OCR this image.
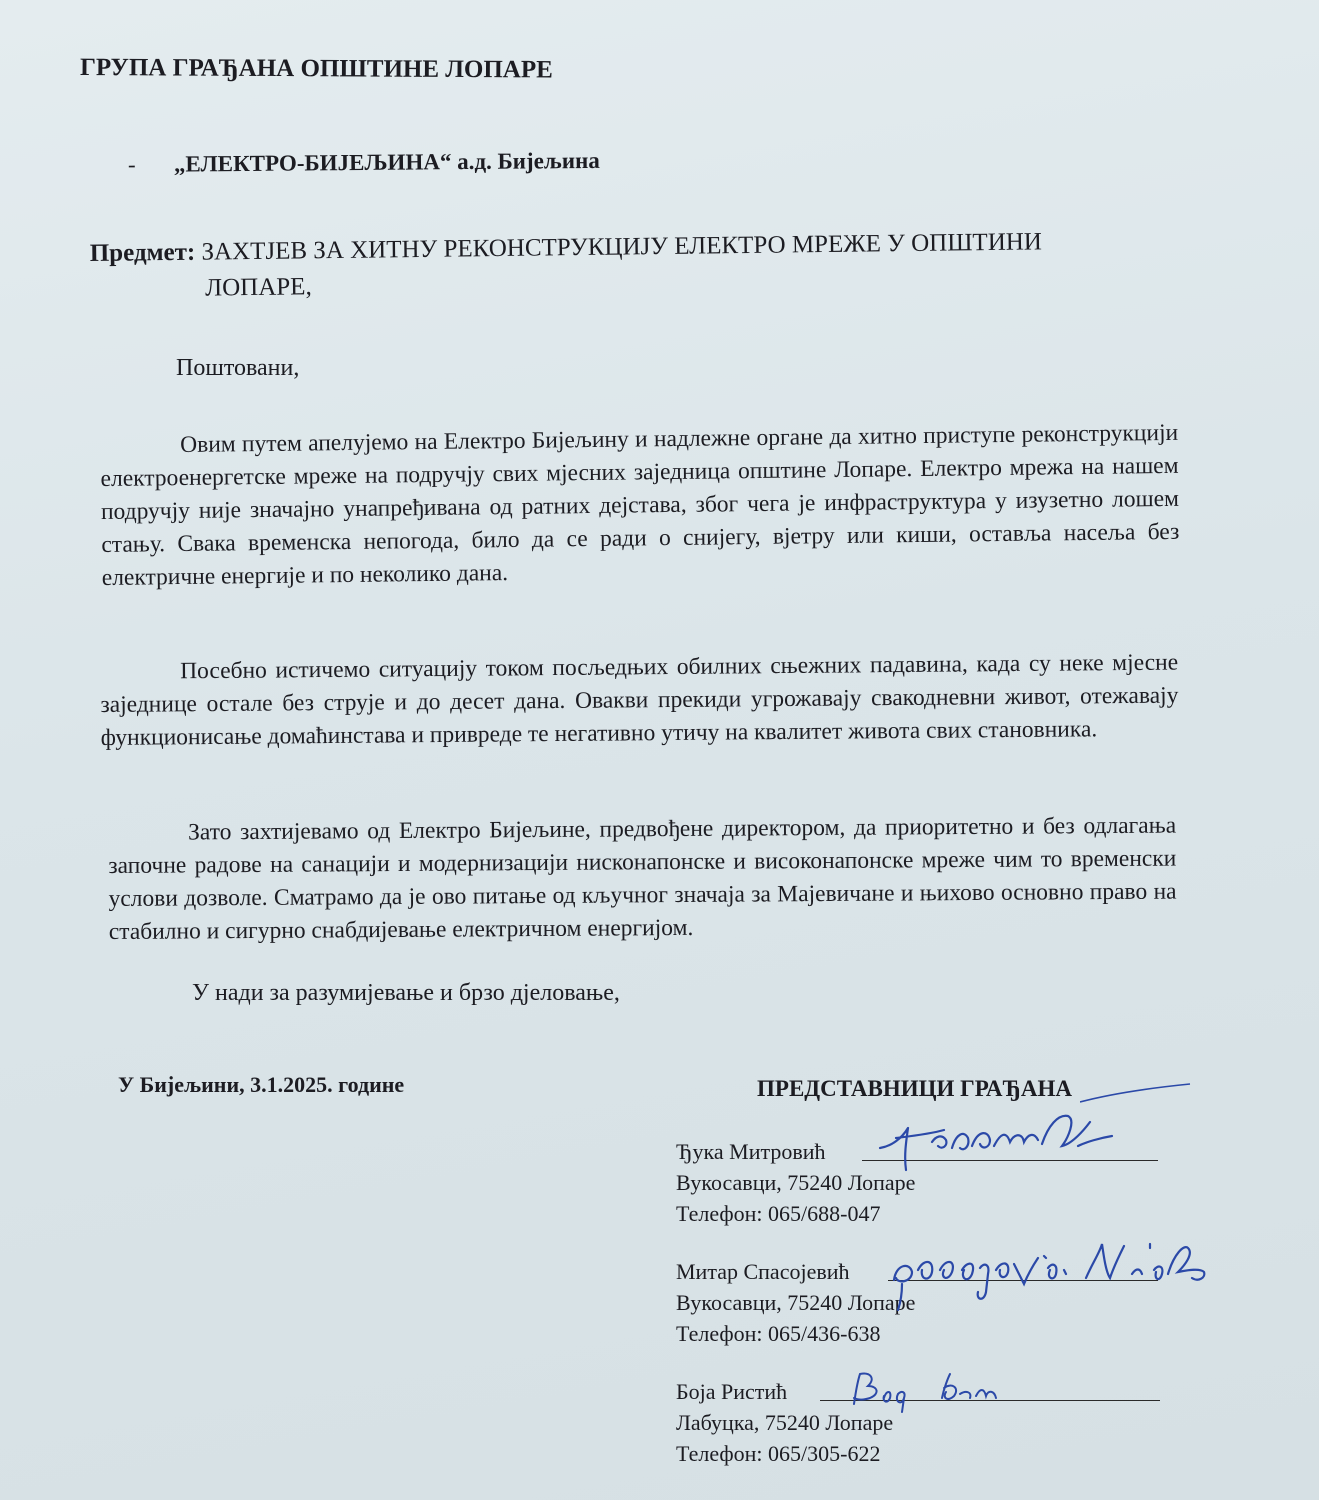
ГРУПА ГРАЂАНА ОПШТИНЕ ЛОПАРЕ
- „ЕЛЕКТРО-БИЈЕЉИНА“ а.д. Бијељина
Предмет: ЗАХТЈЕВ ЗА ХИТНУ РЕКОНСТРУКЦИЈУ ЕЛЕКТРО МРЕЖЕ У ОПШТИНИ
ЛОПАРЕ,
Поштовани,

Овим путем апелујемо на Електро Бијељину и надлежне органе да хитно приступе реконструкцији електроенергетске мреже на подручју свих мјесних заједница општине Лопаре. Електро мрежа на нашем подручју није значајно унапређивана од ратних дејстава, због чега је инфраструктура у изузетно лошем стању. Свака временска непогода, било да се ради о снијегу, вјетру или киши, оставља насеља без електричне енергије и по неколико дана.

Посебно истичемо ситуацију током посљедњих обилних сњежних падавина, када су неке мјесне заједнице остале без струје и до десет дана. Овакви прекиди угрожавају свакодневни живот, отежавају функционисање домаћинстава и привреде те негативно утичу на квалитет живота свих становника.

Зато захтијевамо од Електро Бијељине, предвођене директором, да приоритетно и без одлагања започне радове на санацији и модернизацији нисконапонске и високонапонске мреже чим то временски услови дозволе. Сматрамо да је ово питање од кључног значаја за Мајевичане и њихово основно право на стабилно и сигурно снабдијевање електричном енергијом.

У нади за разумијевање и брзо дјеловање,
У Бијељини, 3.1.2025. године	ПРЕДСТАВНИЦИ ГРАЂАНА
Ђука Митровић
Вукосавци, 75240 Лопаре
Телефон: 065/688-047
Митар Спасојевић
Вукосавци, 75240 Лопаре
Телефон: 065/436-638
Боја Ристић
Лабуцка, 75240 Лопаре
Телефон: 065/305-622
